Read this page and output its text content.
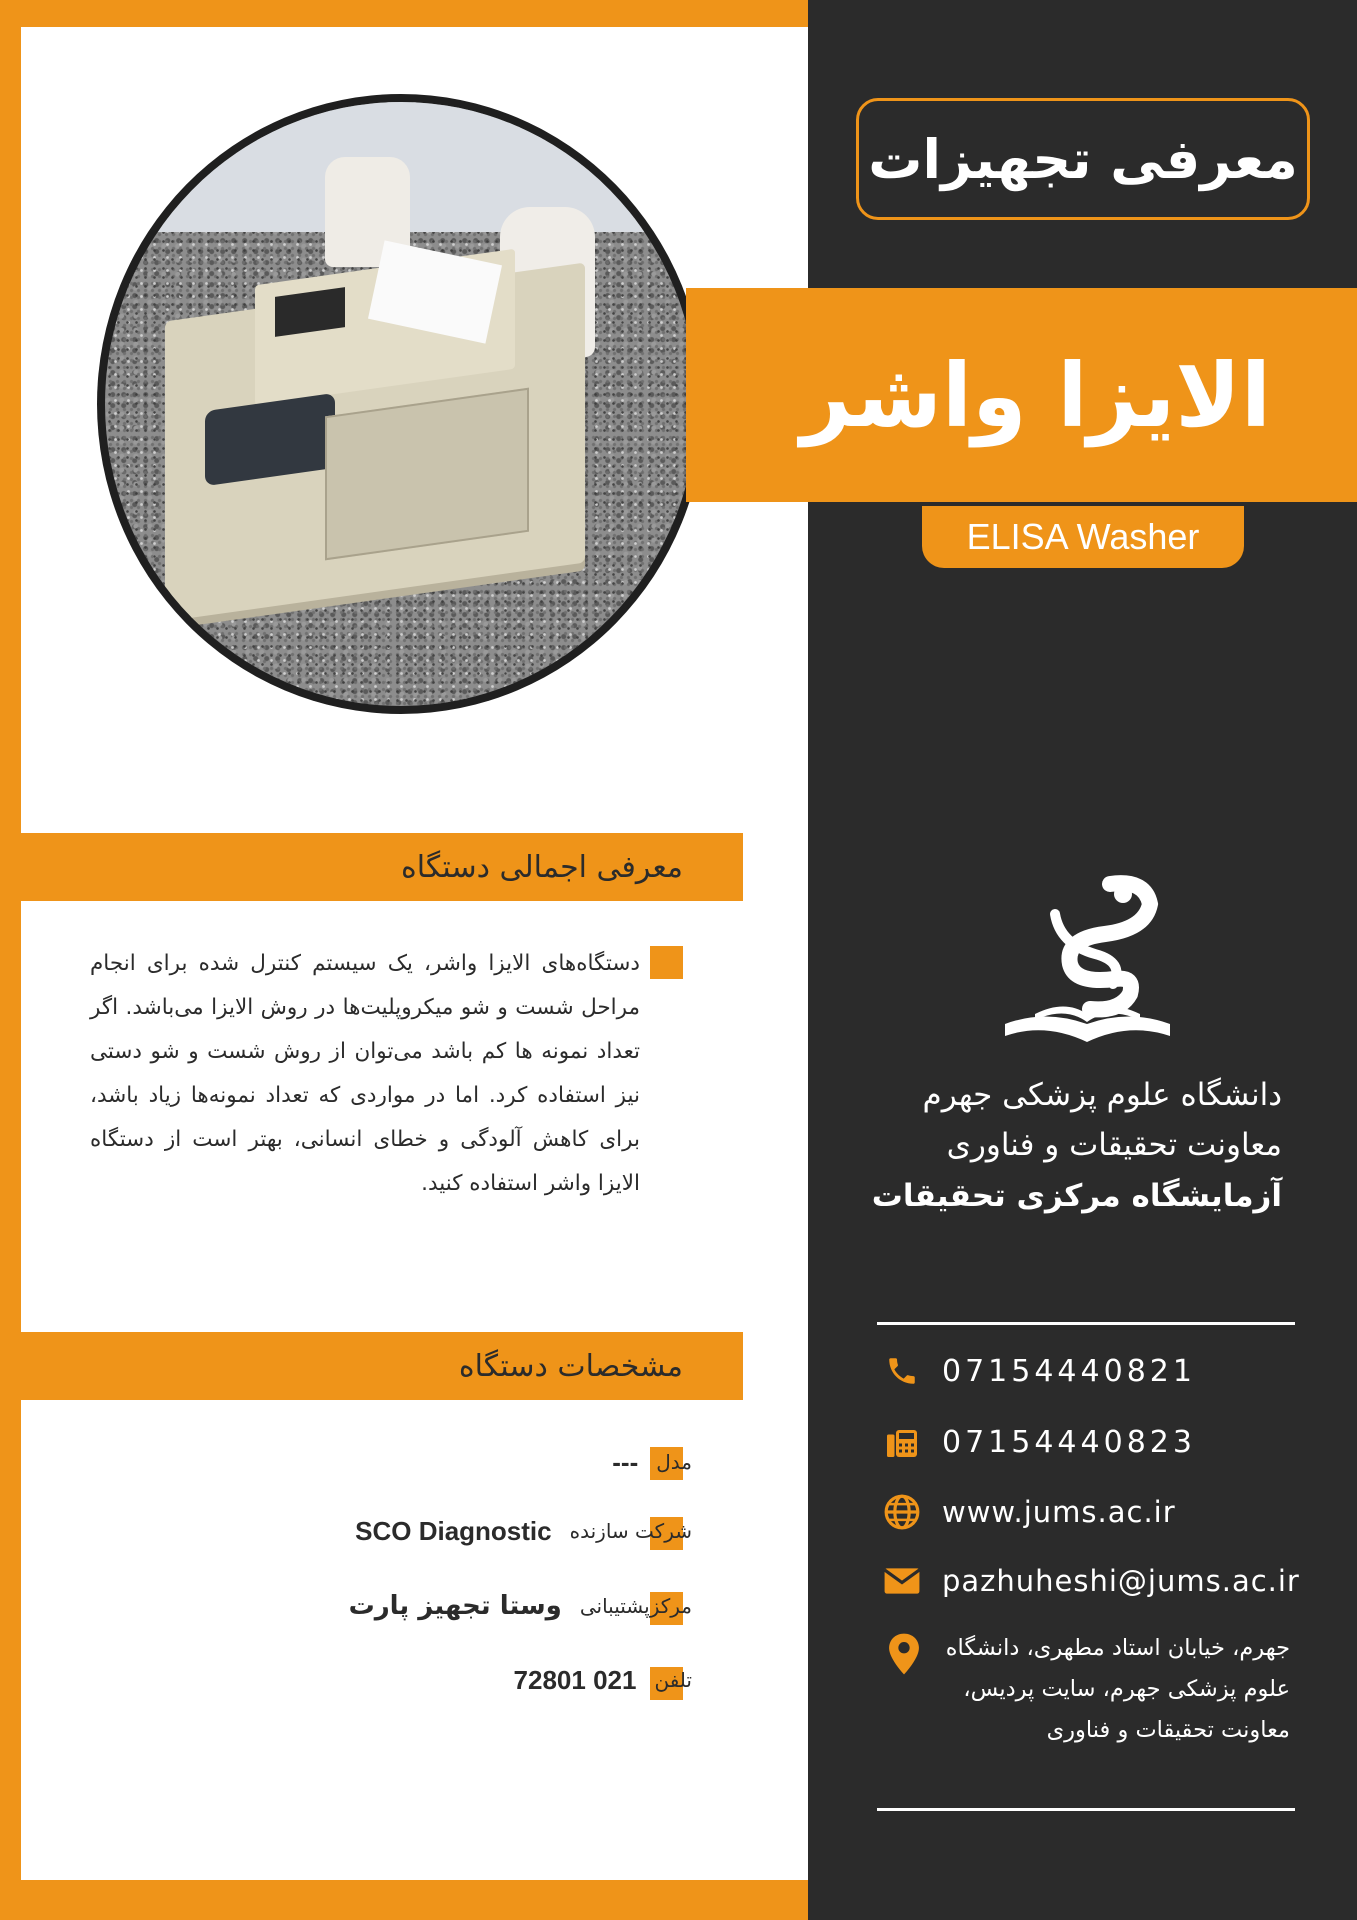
معرفی تجهیزات
الایزا واشر
ELISA Washer
معرفی اجمالی دستگاه
دستگاه‌های الایزا واشر، یک سیستم کنترل شده برای انجام مراحل شست و شو میکروپلیت‌ها در روش الایزا می‌باشد. اگر تعداد نمونه ها کم باشد می‌توان از روش شست و شو دستی نیز استفاده کرد. اما در مواردی که تعداد نمونه‌ها زیاد باشد، برای کاهش آلودگی و خطای انسانی، بهتر است از دستگاه الایزا واشر استفاده کنید.
مشخصات دستگاه
مدل
---
شرکت سازنده
SCO Diagnostic
مرکزپشتیبانی
وستا تجهیز پارت
تلفن
021 72801
دانشگاه علوم پزشکی جهرم
معاونت تحقیقات و فناوری
آزمایشگاه مرکزی تحقیقات
07154440821
07154440823
www.jums.ac.ir
pazhuheshi@jums.ac.ir
جهرم، خیابان استاد مطهری، دانشگاه علوم پزشکی جهرم، سایت پردیس، معاونت تحقیقات و فناوری
